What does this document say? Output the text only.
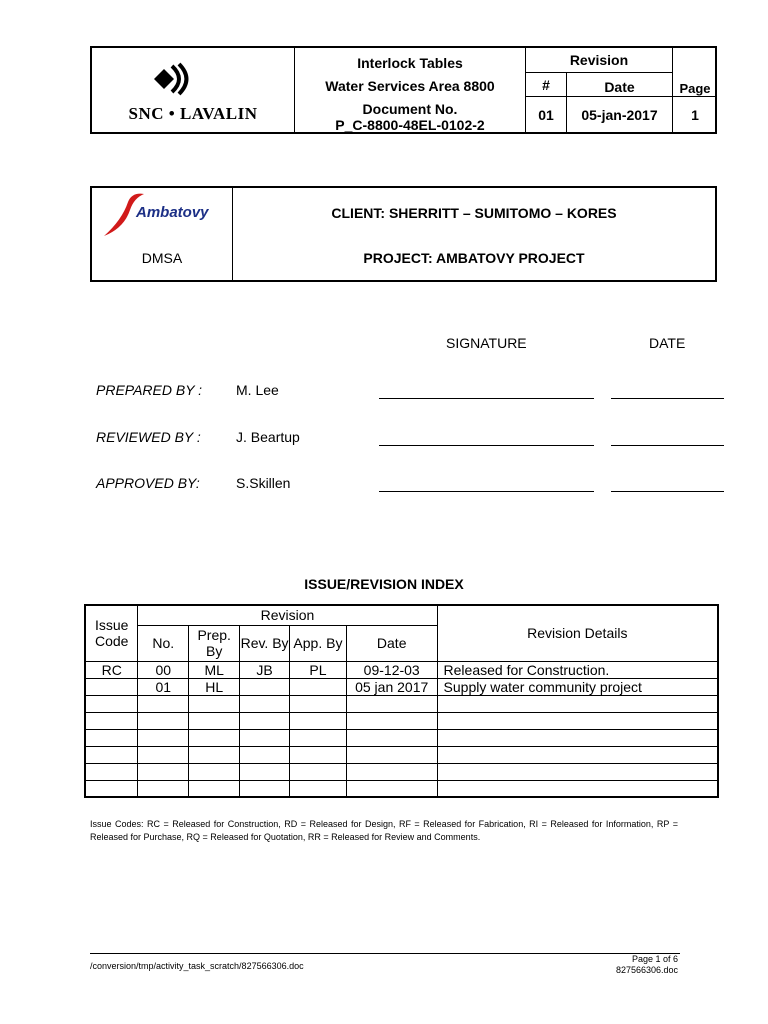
SNC • LAVALIN
Interlock Tables
Water Services Area 8800
Document No.
P_C-8800-48EL-0102-2
Revision
#	Date	Page
01	05-jan-2017	1
Ambatovy
DMSA
CLIENT: SHERRITT – SUMITOMO – KORES
PROJECT: AMBATOVY PROJECT
SIGNATURE	DATE
PREPARED BY : M. Lee
REVIEWED BY :	J. Beartup
APPROVED BY:	S.Skillen
ISSUE/REVISION INDEX
Issue Code	Revision					Revision Details
	No.	Prep. By	Rev. By	App. By	Date	
RC	00	ML	JB	PL	09-12-03	Released for Construction.
	01	HL			05 jan 2017	Supply water community project

Issue Codes: RC = Released for Construction, RD = Released for Design, RF = Released for Fabrication, RI = Released for Information, RP = Released for Purchase, RQ = Released for Quotation, RR = Released for Review and Comments.
/conversion/tmp/activity_task_scratch/827566306.doc
Page 1 of 6
827566306.doc
